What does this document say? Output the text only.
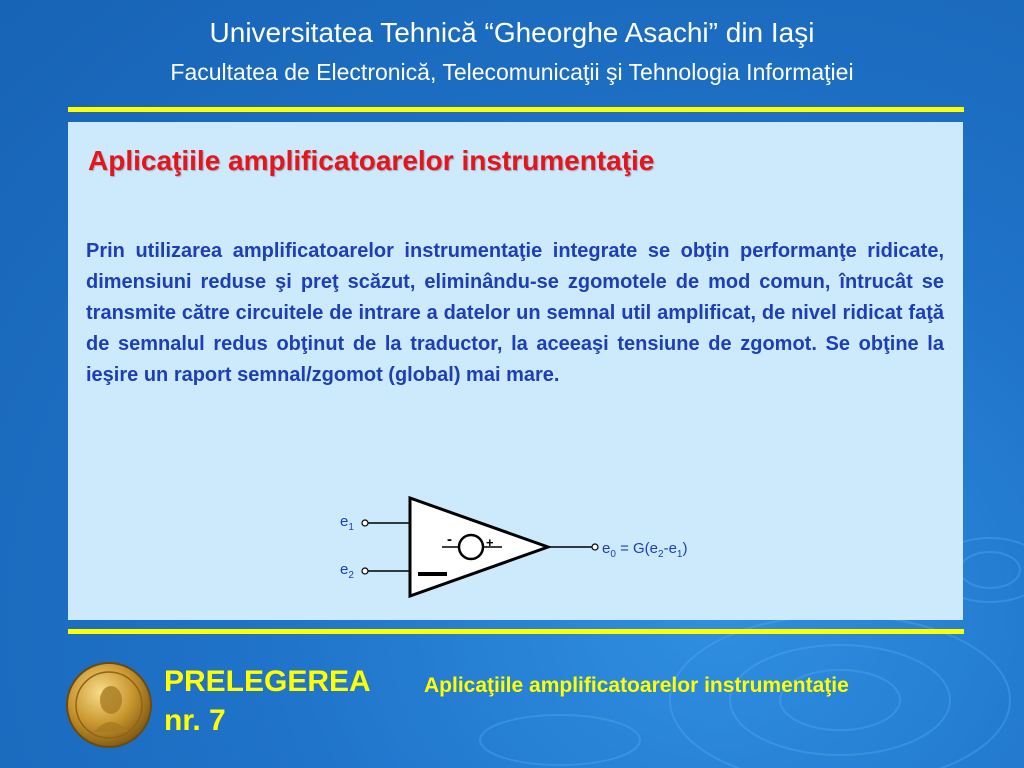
Universitatea Tehnică “Gheorghe Asachi” din Iaşi
Facultatea de Electronică, Telecomunicaţii şi Tehnologia Informaţiei
Aplicaţiile amplificatoarelor instrumentaţie
Prin utilizarea amplificatoarelor instrumentaţie integrate se obţin performanţe ridicate, dimensiuni reduse şi preţ scăzut, eliminându-se zgomotele de mod comun, întrucât se transmite către circuitele de intrare a datelor un semnal util amplificat, de nivel ridicat faţă de semnalul redus obţinut de la traductor, la aceeaşi tensiune de zgomot. Se obţine la ieşire un raport semnal/zgomot (global) mai mare.
-	+
$e_1$
$e_2$
$e_0 = G(e_2-e_1)$
PRELEGEREA
nr. 7
Aplicaţiile amplificatoarelor instrumentaţie
